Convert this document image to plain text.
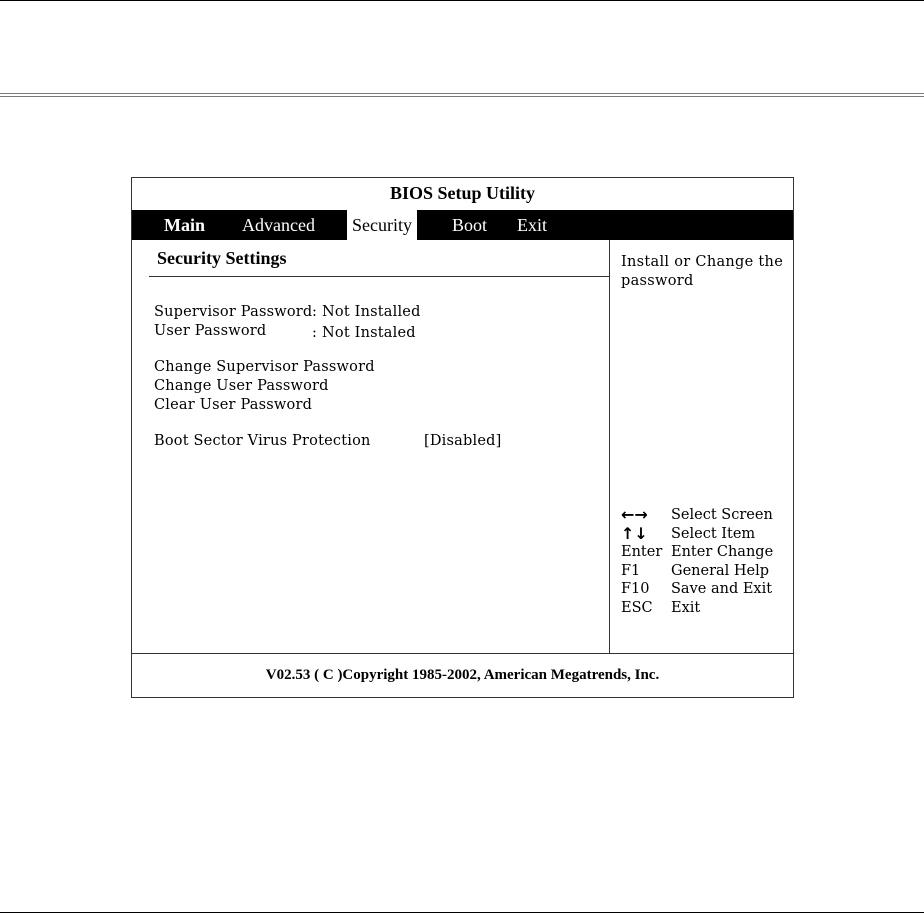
BIOS Setup Utility
Main Advanced Security Boot Exit
Security Settings
Supervisor Password : Not Installed
User Password	: Not Instaled
Change Supervisor Password
Change User Password
Clear User Password
Boot Sector Virus Protection	[Disabled]
Install or Change the password
←→ Select Screen
↑↓ Select Item
Enter Enter Change
F1 General Help
F10 Save and Exit
ESC Exit
V02.53 ( C )Copyright 1985-2002, American Megatrends, Inc.
